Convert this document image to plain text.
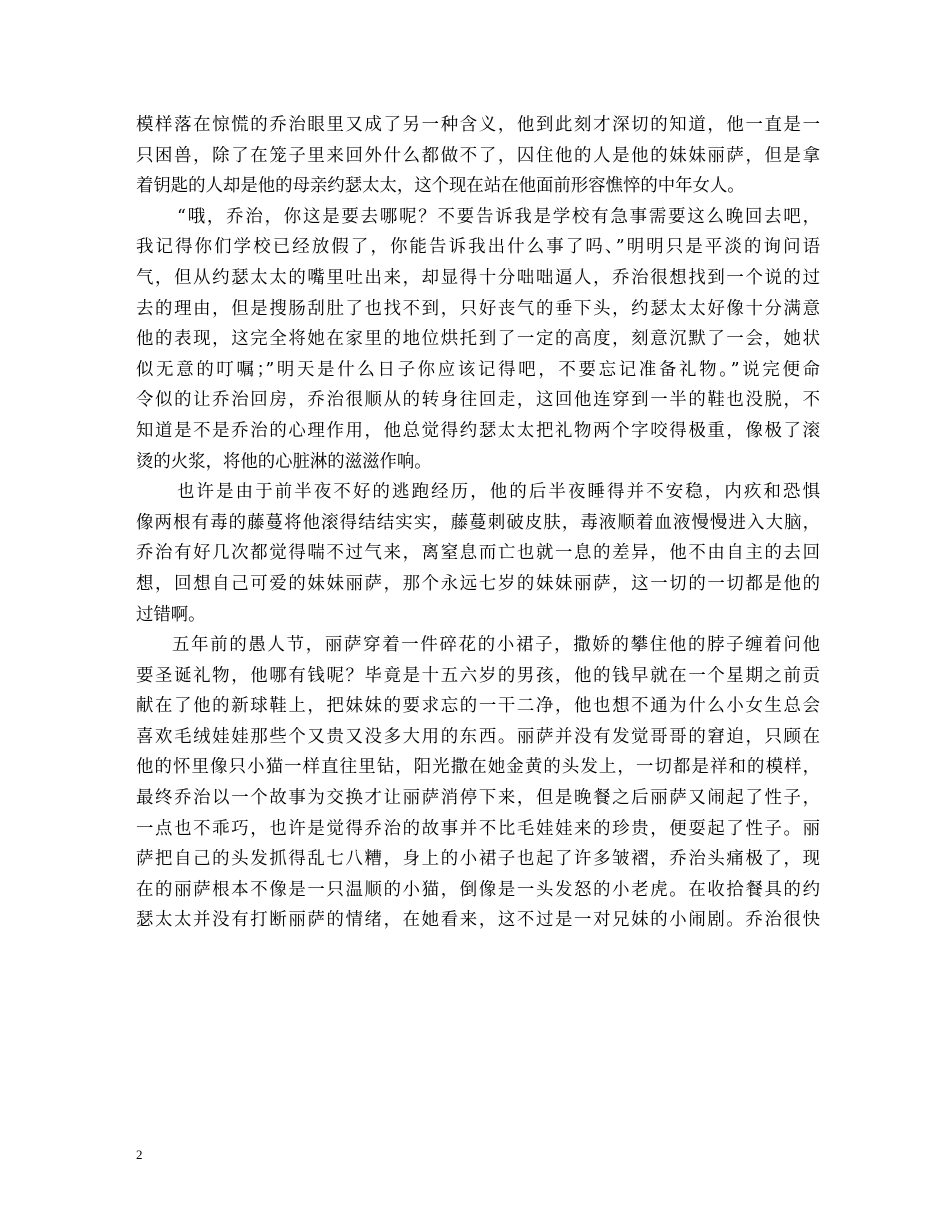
模样落在惊慌的乔治眼里又成了另一种含义，他到此刻才深切的知道，他一直是一
只困兽，除了在笼子里来回外什么都做不了，囚住他的人是他的妹妹丽萨，但是拿
着钥匙的人却是他的母亲约瑟太太，这个现在站在他面前形容憔悴的中年女人。
“哦，乔治，你这是要去哪呢？不要告诉我是学校有急事需要这么晚回去吧，
我记得你们学校已经放假了，你能告诉我出什么事了吗、”明明只是平淡的询问语
气，但从约瑟太太的嘴里吐出来，却显得十分咄咄逼人，乔治很想找到一个说的过
去的理由，但是搜肠刮肚了也找不到，只好丧气的垂下头，约瑟太太好像十分满意
他的表现，这完全将她在家里的地位烘托到了一定的高度，刻意沉默了一会，她状
似无意的叮嘱；”明天是什么日子你应该记得吧，不要忘记准备礼物。”说完便命
令似的让乔治回房，乔治很顺从的转身往回走，这回他连穿到一半的鞋也没脱，不
知道是不是乔治的心理作用，他总觉得约瑟太太把礼物两个字咬得极重，像极了滚
烫的火浆，将他的心脏淋的滋滋作响。
也许是由于前半夜不好的逃跑经历，他的后半夜睡得并不安稳，内疚和恐惧
像两根有毒的藤蔓将他滚得结结实实，藤蔓刺破皮肤，毒液顺着血液慢慢进入大脑，
乔治有好几次都觉得喘不过气来，离窒息而亡也就一息的差异，他不由自主的去回
想，回想自己可爱的妹妹丽萨，那个永远七岁的妹妹丽萨，这一切的一切都是他的
过错啊。
五年前的愚人节，丽萨穿着一件碎花的小裙子，撒娇的攀住他的脖子缠着问他
要圣诞礼物，他哪有钱呢？毕竟是十五六岁的男孩，他的钱早就在一个星期之前贡
献在了他的新球鞋上，把妹妹的要求忘的一干二净，他也想不通为什么小女生总会
喜欢毛绒娃娃那些个又贵又没多大用的东西。丽萨并没有发觉哥哥的窘迫，只顾在
他的怀里像只小猫一样直往里钻，阳光撒在她金黄的头发上，一切都是祥和的模样，
最终乔治以一个故事为交换才让丽萨消停下来，但是晚餐之后丽萨又闹起了性子，
一点也不乖巧，也许是觉得乔治的故事并不比毛娃娃来的珍贵，便耍起了性子。丽
萨把自己的头发抓得乱七八糟，身上的小裙子也起了许多皱褶，乔治头痛极了，现
在的丽萨根本不像是一只温顺的小猫，倒像是一头发怒的小老虎。在收拾餐具的约
瑟太太并没有打断丽萨的情绪，在她看来，这不过是一对兄妹的小闹剧。乔治很快
2
